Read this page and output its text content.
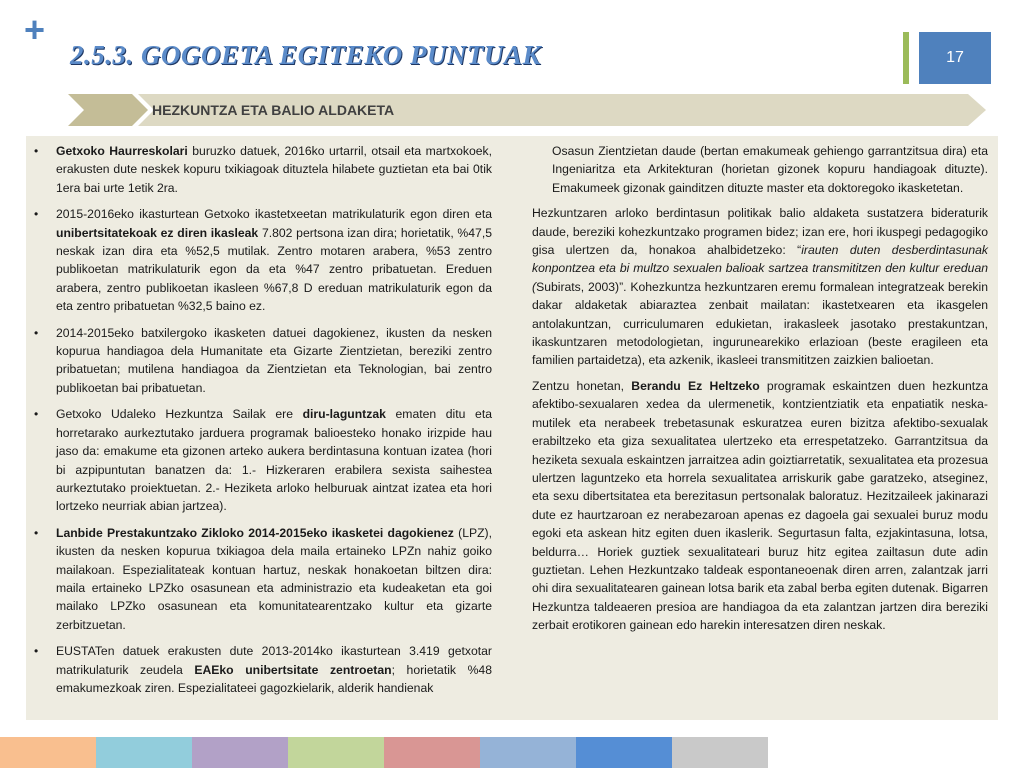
+
2.5.3. GOGOETA EGITEKO PUNTUAK	17
HEZKUNTZA ETA BALIO ALDAKETA
• Getxoko Haurreskolari buruzko datuek, 2016ko urtarril, otsail eta martxokoek, erakusten dute neskek kopuru txikiagoak dituztela hilabete guztietan eta bai 0tik 1era bai urte 1etik 2ra.
• 2015-2016eko ikasturtean Getxoko ikastetxeetan matrikulaturik egon diren eta unibertsitatekoak ez diren ikasleak 7.802 pertsona izan dira; horietatik, %47,5 neskak izan dira eta %52,5 mutilak. Zentro motaren arabera, %53 zentro publikoetan matrikulaturik egon da eta %47 zentro pribatuetan. Ereduen arabera, zentro publikoetan ikasleen %67,8 D ereduan matrikulaturik egon da eta zentro pribatuetan %32,5 baino ez.
• 2014-2015eko batxilergoko ikasketen datuei dagokienez, ikusten da nesken kopurua handiagoa dela Humanitate eta Gizarte Zientzietan, bereziki zentro pribatuetan; mutilena handiagoa da Zientzietan eta Teknologian, bai zentro publikoetan bai pribatuetan.
• Getxoko Udaleko Hezkuntza Sailak ere diru-laguntzak ematen ditu eta horretarako aurkeztutako jarduera programak balioesteko honako irizpide hau jaso da: emakume eta gizonen arteko aukera berdintasuna kontuan izatea (hori bi azpipuntutan banatzen da: 1.- Hizkeraren erabilera sexista saihestea aurkeztutako proiektuetan. 2.- Heziketa arloko helburuak aintzat izatea eta hori lortzeko neurriak abian jartzea).
• Lanbide Prestakuntzako Zikloko 2014-2015eko ikasketei dagokienez (LPZ), ikusten da nesken kopurua txikiagoa dela maila ertaineko LPZn nahiz goiko mailakoan. Espezialitateak kontuan hartuz, neskak honakoetan biltzen dira: maila ertaineko LPZko osasunean eta administrazio eta kudeaketan eta goi mailako LPZko osasunean eta komunitatearentzako kultur eta gizarte zerbitzuetan.
• EUSTATen datuek erakusten dute 2013-2014ko ikasturtean 3.419 getxotar matrikulaturik zeudela EAEko unibertsitate zentroetan; horietatik %48 emakumezkoak ziren. Espezialitateei gagozkielarik, alderik handienak

Osasun Zientzietan daude (bertan emakumeak gehiengo garrantzitsua dira) eta Ingeniaritza eta Arkitekturan (horietan gizonek kopuru handiagoak dituzte). Emakumeek gizonak gainditzen dituzte master eta doktoregoko ikasketetan.

Hezkuntzaren arloko berdintasun politikak balio aldaketa sustatzera bideraturik daude, bereziki kohezkuntzako programen bidez; izan ere, hori ikuspegi pedagogiko gisa ulertzen da, honakoa ahalbidetzeko: “irauten duten desberdintasunak konpontzea eta bi multzo sexualen balioak sartzea transmititzen den kultur ereduan (Subirats, 2003)”. Kohezkuntza hezkuntzaren eremu formalean integratzeak berekin dakar aldaketak abiaraztea zenbait mailatan: ikastetxearen eta ikasgelen antolakuntzan, curriculumaren edukietan, irakasleek jasotako prestakuntzan, ikaskuntzaren metodologietan, ingurunearekiko erlazioan (beste eragileen eta familien partaidetza), eta azkenik, ikasleei transmititzen zaizkien balioetan.

Zentzu honetan, Berandu Ez Heltzeko programak eskaintzen duen hezkuntza afektibo-sexualaren xedea da ulermenetik, kontzientziatik eta enpatiatik neska-mutilek eta nerabeek trebetasunak eskuratzea euren bizitza afektibo-sexualak erabiltzeko eta giza sexualitatea ulertzeko eta errespetatzeko. Garrantzitsua da heziketa sexuala eskaintzen jarraitzea adin goiztiarretatik, sexualitatea eta prozesua ulertzen laguntzeko eta horrela sexualitatea arriskurik gabe garatzeko, atseginez, eta sexu dibertsitatea eta berezitasun pertsonalak baloratuz. Hezitzaileek jakinarazi dute ez haurtzaroan ez nerabezaroan apenas ez dagoela gai sexualei buruz modu egoki eta askean hitz egiten duen ikaslerik. Segurtasun falta, ezjakintasuna, lotsa, beldurra… Horiek guztiek sexualitateari buruz hitz egitea zailtasun dute adin guztietan. Lehen Hezkuntzako taldeak espontaneoenak diren arren, zalantzak jarri ohi dira sexualitatearen gainean lotsa barik eta zabal berba egiten dutenak. Bigarren Hezkuntza taldeaeren presioa are handiagoa da eta zalantzan jartzen dira bereziki zerbait erotikoren gainean edo harekin interesatzen diren neskak.
